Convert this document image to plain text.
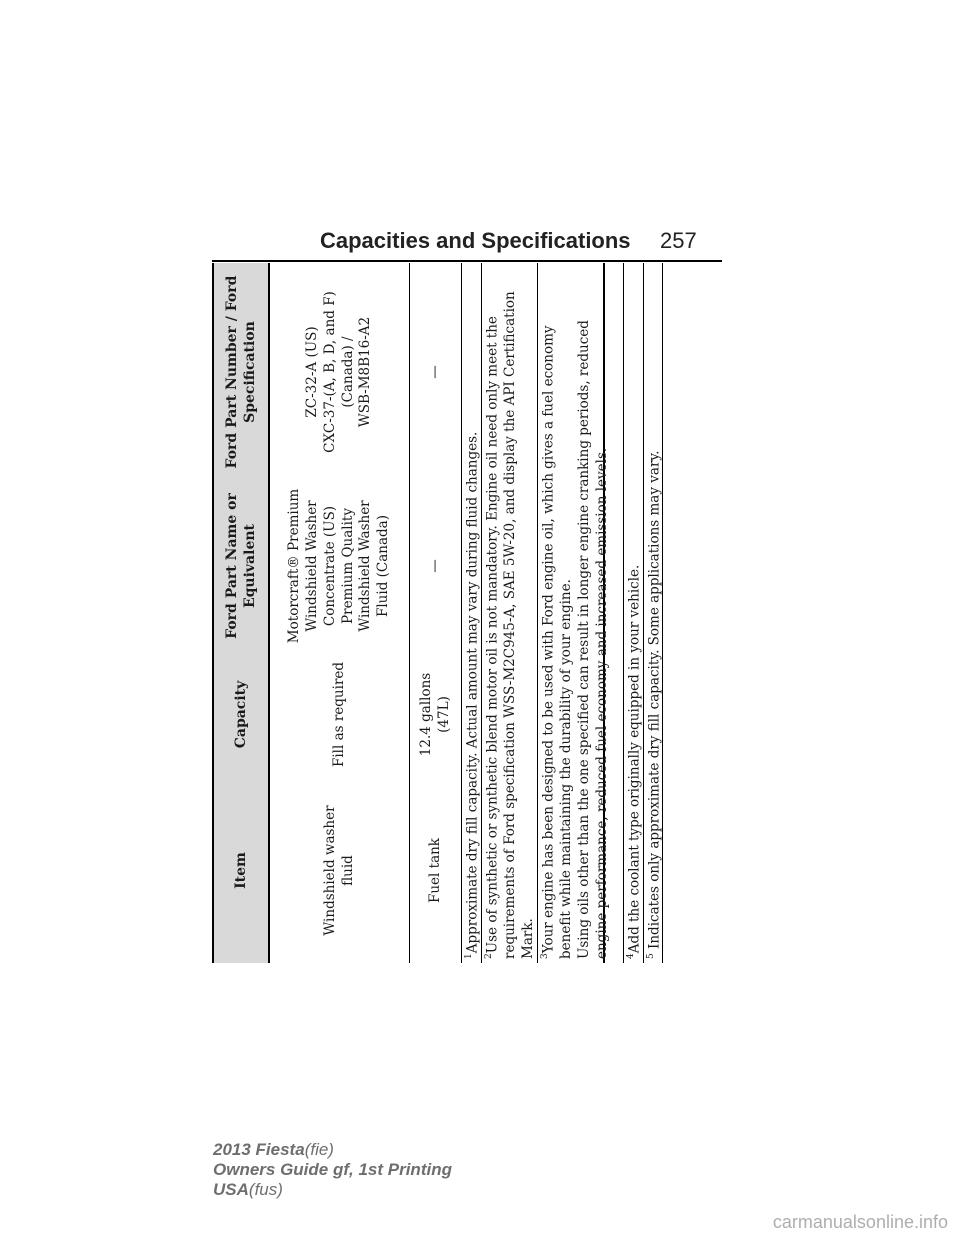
Capacities and Specifications 257
Item
Capacity
Ford Part Name or Equivalent
Ford Part Number / Ford Specification
Windshield washer fluid
Fill as required
Motorcraft® Premium Windshield Washer Concentrate (US) Premium Quality Windshield Washer Fluid (Canada)
ZC-32-A (US) CXC-37-(A, B, D, and F) (Canada) / WSB-M8B16-A2
Fuel tank
12.4 gallons (47L)
—
—

$^1$Approximate dry fill capacity. Actual amount may vary during fluid changes.

$^2$Use of synthetic or synthetic blend motor oil is not mandatory. Engine oil need only meet the requirements of Ford specification WSS-M2C945-A, SAE 5W-20, and display the API Certification Mark. $^3$Your engine has been designed to be used with Ford engine oil, which gives a fuel economy benefit while maintaining the durability of your engine. Using oils other than the one specified can result in longer engine cranking periods, reduced engine performance, reduced fuel economy and increased emission levels. $^4$Add the coolant type originally equipped in your vehicle.

$^5$ Indicates only approximate dry fill capacity. Some applications may vary.

2013 Fiesta(fie)
Owners Guide gf, 1st Printing
USA(fus)
carmanualsonline.info
